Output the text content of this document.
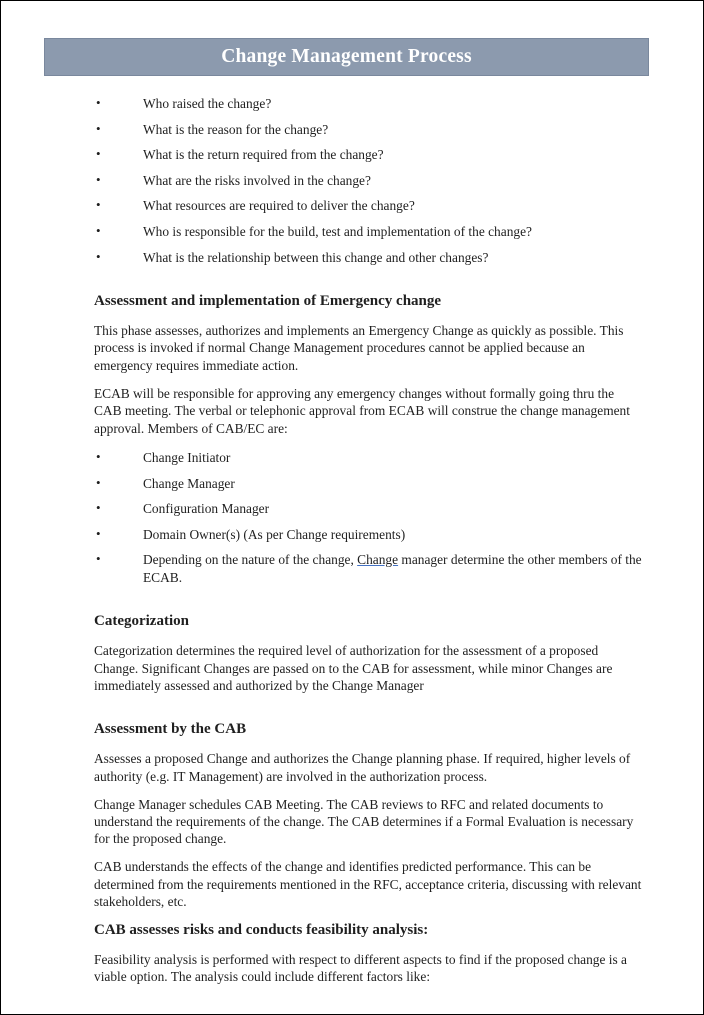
Change Management Process
•	Who raised the change?
•	What is the reason for the change?
•	What is the return required from the change?
•	What are the risks involved in the change?
•	What resources are required to deliver the change?
•	Who is responsible for the build, test and implementation of the change?
•	What is the relationship between this change and other changes?
Assessment and implementation of Emergency change

This phase assesses, authorizes and implements an Emergency Change as quickly as possible. This process is invoked if normal Change Management procedures cannot be applied because an emergency requires immediate action.

ECAB will be responsible for approving any emergency changes without formally going thru the CAB meeting. The verbal or telephonic approval from ECAB will construe the change management approval. Members of CAB/EC are:

•	Change Initiator
•	Change Manager
•	Configuration Manager
•	Domain Owner(s) (As per Change requirements)
•	Depending on the nature of the change, Change manager determine the other members of the ECAB.
Categorization

Categorization determines the required level of authorization for the assessment of a proposed Change. Significant Changes are passed on to the CAB for assessment, while minor Changes are immediately assessed and authorized by the Change Manager

Assessment by the CAB

Assesses a proposed Change and authorizes the Change planning phase. If required, higher levels of authority (e.g. IT Management) are involved in the authorization process.

Change Manager schedules CAB Meeting. The CAB reviews to RFC and related documents to understand the requirements of the change. The CAB determines if a Formal Evaluation is necessary for the proposed change.

CAB understands the effects of the change and identifies predicted performance. This can be determined from the requirements mentioned in the RFC, acceptance criteria, discussing with relevant stakeholders, etc.

CAB assesses risks and conducts feasibility analysis:

Feasibility analysis is performed with respect to different aspects to find if the proposed change is a viable option. The analysis could include different factors like:
